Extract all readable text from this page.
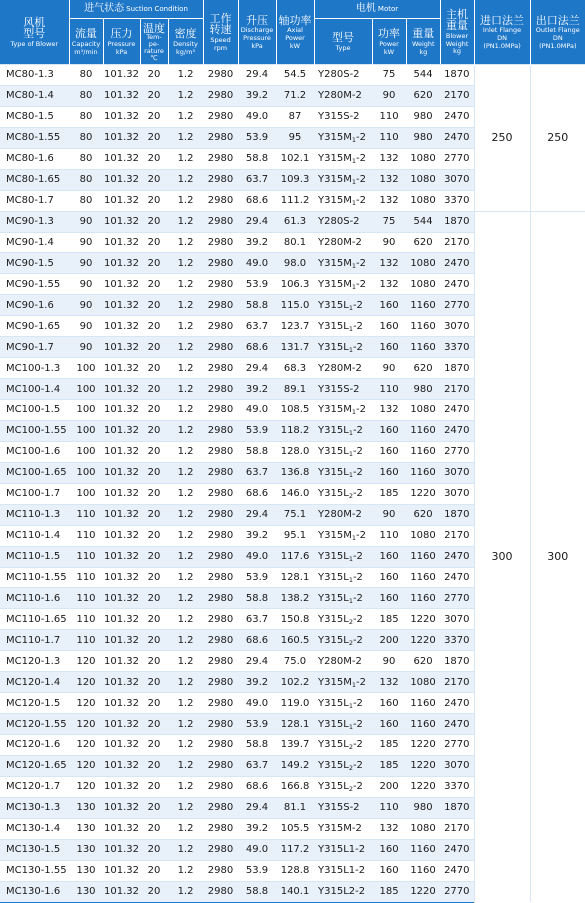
风机
型号
Type of Blower	进气状态 Suction Condition				工作
转速
Speed
rpm	升压
Discharge
Pressure
kPa	轴功率
Axial
Power
kW	电机 Motor			主机
重量
Blower
Weight
kg	进口法兰
Inlet Flange
DN
(PN1.0MPa)	出口法兰
Outlet Flange
DN
(PN1.0MPa)

	流量
Capacity
m³/min	压力
Pressure
kPa	温度
Tem-
pe-
rature
℃	密度
Density
kg/m³				型号
Type	功率
Power
kW	重量
Weight
kg			

MC80-1.3	80	101.32	20	1.2	2980	29.4	54.5	Y280S-2	75	544	1870	250	250
MC80-1.4	80	101.32	20	1.2	2980	39.2	71.2	Y280M-2	90	620	2170		
MC80-1.5	80	101.32	20	1.2	2980	49.0	87	Y315S-2	110	980	2470		
MC80-1.55	80	101.32	20	1.2	2980	53.9	95	$Y315M_1-2$	110	980	2470		
MC80-1.6	80	101.32	20	1.2	2980	58.8	102.1	$Y315M_1-2$	132	1080	2770		
MC80-1.65	80	101.32	20	1.2	2980	63.7	109.3	$Y315M_1-2$	132	1080	3070		
MC80-1.7	80	101.32	20	1.2	2980	68.6	111.2	$Y315M_1-2$	132	1080	3370		
MC90-1.3	90	101.32	20	1.2	2980	29.4	61.3	Y280S-2	75	544	1870	300	300
MC90-1.4	90	101.32	20	1.2	2980	39.2	80.1	Y280M-2	90	620	2170		
MC90-1.5	90	101.32	20	1.2	2980	49.0	98.0	$Y315M_1-2$	132	1080	2470		
MC90-1.55	90	101.32	20	1.2	2980	53.9	106.3	$Y315M_1-2$	132	1080	2470		
MC90-1.6	90	101.32	20	1.2	2980	58.8	115.0	$Y315L_1-2$	160	1160	2770		
MC90-1.65	90	101.32	20	1.2	2980	63.7	123.7	$Y315L_1-2$	160	1160	3070		
MC90-1.7	90	101.32	20	1.2	2980	68.6	131.7	$Y315L_1-2$	160	1160	3370		
MC100-1.3	100	101.32	20	1.2	2980	29.4	68.3	Y280M-2	90	620	1870		
MC100-1.4	100	101.32	20	1.2	2980	39.2	89.1	Y315S-2	110	980	2170		
MC100-1.5	100	101.32	20	1.2	2980	49.0	108.5	$Y315M_1-2$	132	1080	2470		
MC100-1.55	100	101.32	20	1.2	2980	53.9	118.2	$Y315L_1-2$	160	1160	2470		
MC100-1.6	100	101.32	20	1.2	2980	58.8	128.0	$Y315L_1-2$	160	1160	2770		
MC100-1.65	100	101.32	20	1.2	2980	63.7	136.8	$Y315L_1-2$	160	1160	3070		
MC100-1.7	100	101.32	20	1.2	2980	68.6	146.0	$Y315L_2-2$	185	1220	3070		
MC110-1.3	110	101.32	20	1.2	2980	29.4	75.1	Y280M-2	90	620	1870		
MC110-1.4	110	101.32	20	1.2	2980	39.2	95.1	$Y315M_1-2$	110	1080	2170		
MC110-1.5	110	101.32	20	1.2	2980	49.0	117.6	$Y315L_1-2$	160	1160	2470		
MC110-1.55	110	101.32	20	1.2	2980	53.9	128.1	$Y315L_1-2$	160	1160	2470		
MC110-1.6	110	101.32	20	1.2	2980	58.8	138.2	$Y315L_1-2$	160	1160	2770		
MC110-1.65	110	101.32	20	1.2	2980	63.7	150.8	$Y315L_2-2$	185	1220	3070		
MC110-1.7	110	101.32	20	1.2	2980	68.6	160.5	$Y315L_2-2$	200	1220	3370		
MC120-1.3	120	101.32	20	1.2	2980	29.4	75.0	Y280M-2	90	620	1870		
MC120-1.4	120	101.32	20	1.2	2980	39.2	102.2	$Y315M_1-2$	132	1080	2170		
MC120-1.5	120	101.32	20	1.2	2980	49.0	119.0	$Y315L_1-2$	160	1160	2470		
MC120-1.55	120	101.32	20	1.2	2980	53.9	128.1	$Y315L_1-2$	160	1160	2470		
MC120-1.6	120	101.32	20	1.2	2980	58.8	139.7	$Y315L_2-2$	185	1220	2770		
MC120-1.65	120	101.32	20	1.2	2980	63.7	149.2	$Y315L_2-2$	185	1220	3070		
MC120-1.7	120	101.32	20	1.2	2980	68.6	166.8	$Y315L_2-2$	200	1220	3370		
MC130-1.3	130	101.32	20	1.2	2980	29.4	81.1	Y315S-2	110	980	1870		
MC130-1.4	130	101.32	20	1.2	2980	39.2	105.5	Y315M-2	132	1080	2170		
MC130-1.5	130	101.32	20	1.2	2980	49.0	117.2	Y315L1-2	160	1160	2470		
MC130-1.55	130	101.32	20	1.2	2980	53.9	128.8	Y315L1-2	160	1160	2470		
MC130-1.6	130	101.32	20	1.2	2980	58.8	140.1	Y315L2-2	185	1220	2770		
